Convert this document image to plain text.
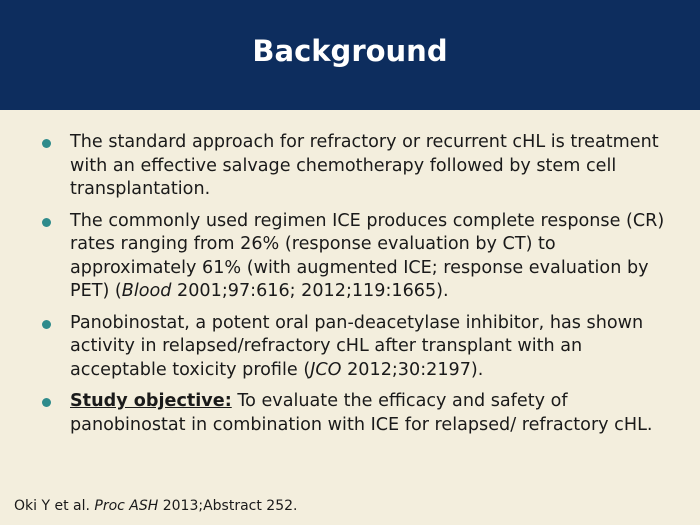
Background
The standard approach for refractory or recurrent cHL is treatment with an effective salvage chemotherapy followed by stem cell transplantation.
The commonly used regimen ICE produces complete response (CR) rates ranging from 26% (response evaluation by CT) to approximately 61% (with augmented ICE; response evaluation by PET) (Blood 2001;97:616; 2012;119:1665).
Panobinostat, a potent oral pan-deacetylase inhibitor, has shown activity in relapsed/refractory cHL after transplant with an acceptable toxicity profile (JCO 2012;30:2197).
Study objective: To evaluate the efficacy and safety of panobinostat in combination with ICE for relapsed/ refractory cHL.
Oki Y et al. Proc ASH 2013;Abstract 252.
